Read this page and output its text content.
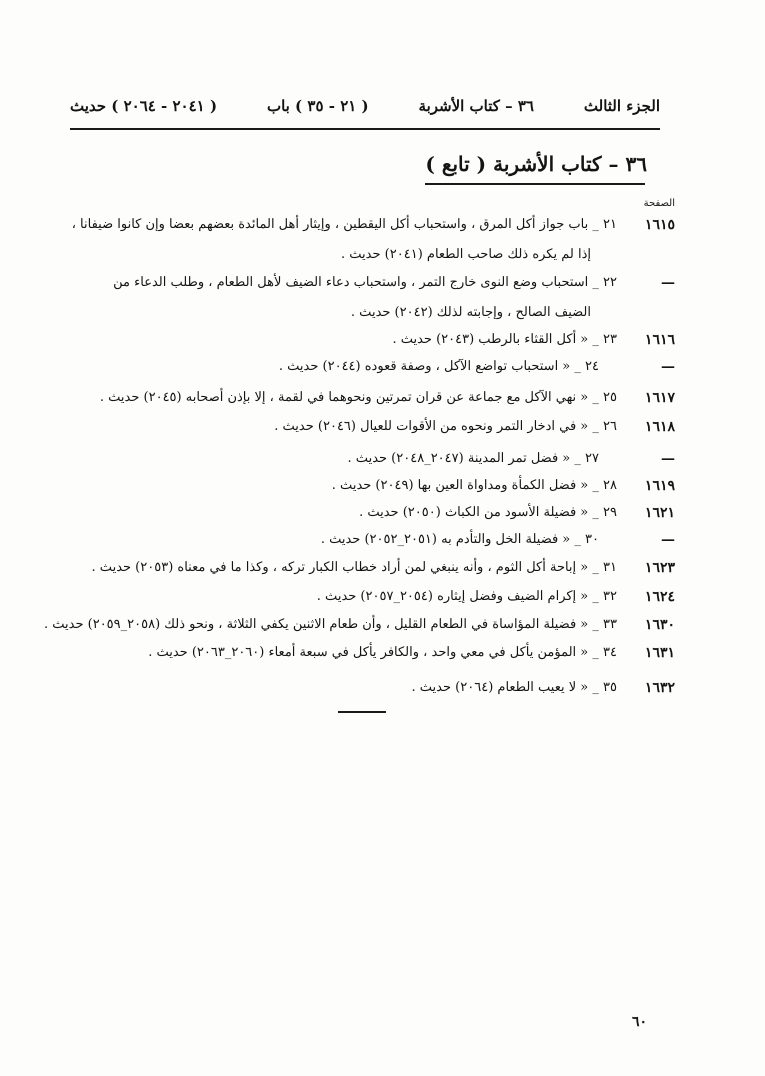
الجزء الثالث
٣٦ – كتاب الأشربة
( ٢١ - ٣٥ ) باب
( ٢٠٤١ - ٢٠٦٤ ) حديث
٣٦ – كتاب الأشربة ( تابع )
الصفحة
١٦١٥
٢١ _ باب جواز أكل المرق ، واستحباب أكل اليقطين ، وإيثار أهل المائدة بعضهم بعضا وإن كانوا ضيفانا ،
إذا لم يكره ذلك صاحب الطعام (٢٠٤١) حديث .
—
٢٢ _ استحباب وضع النوى خارج التمر ، واستحباب دعاء الضيف لأهل الطعام ، وطلب الدعاء من
الضيف الصالح ، وإجابته لذلك (٢٠٤٢) حديث .
١٦١٦
٢٣ _ « أكل القثاء بالرطب (٢٠٤٣) حديث .
—
٢٤ _ « استحباب تواضع الآكل ، وصفة قعوده (٢٠٤٤) حديث .
١٦١٧
٢٥ _ « نهي الآكل مع جماعة عن قران تمرتين ونحوهما في لقمة ، إلا بإذن أصحابه (٢٠٤٥) حديث .
١٦١٨
٢٦ _ « في ادخار التمر ونحوه من الأقوات للعيال (٢٠٤٦) حديث .
—
٢٧ _ « فضل تمر المدينة (٢٠٤٧_٢٠٤٨) حديث .
١٦١٩
٢٨ _ « فضل الكمأة ومداواة العين بها (٢٠٤٩) حديث .
١٦٢١
٢٩ _ « فضيلة الأسود من الكباث (٢٠٥٠) حديث .
—
٣٠ _ « فضيلة الخل والتأدم به (٢٠٥١_٢٠٥٢) حديث .
١٦٢٣
٣١ _ « إباحة أكل الثوم ، وأنه ينبغي لمن أراد خطاب الكبار تركه ، وكذا ما في معناه (٢٠٥٣) حديث .
١٦٢٤
٣٢ _ « إكرام الضيف وفضل إيثاره (٢٠٥٤_٢٠٥٧) حديث .
١٦٣٠
٣٣ _ « فضيلة المؤاساة في الطعام القليل ، وأن طعام الاثنين يكفي الثلاثة ، ونحو ذلك (٢٠٥٨_٢٠٥٩) حديث .
١٦٣١
٣٤ _ « المؤمن يأكل في معي واحد ، والكافر يأكل في سبعة أمعاء (٢٠٦٠_٢٠٦٣) حديث .
١٦٣٢
٣٥ _ « لا يعيب الطعام (٢٠٦٤) حديث .
٦٠
